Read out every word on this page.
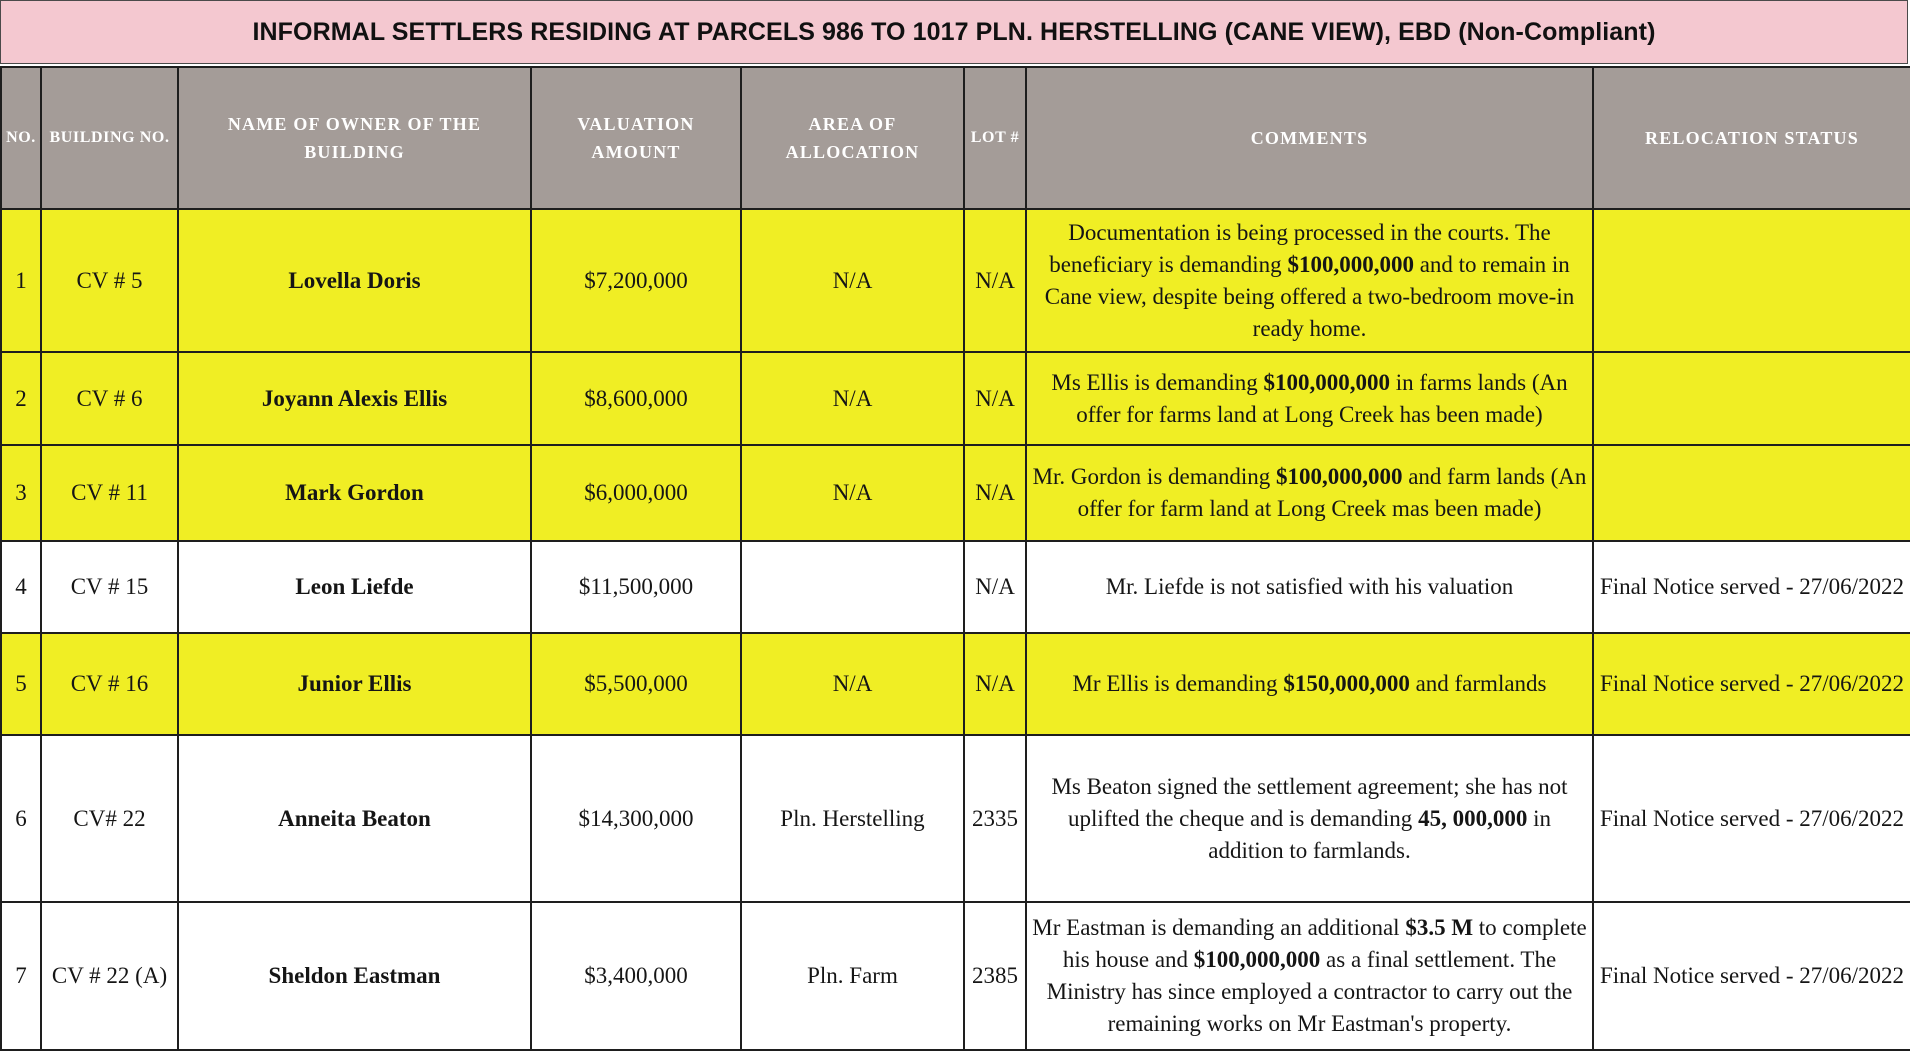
INFORMAL SETTLERS RESIDING AT PARCELS 986 TO 1017 PLN. HERSTELLING (CANE VIEW), EBD (Non-Compliant)
NO.	BUILDING NO.	NAME OF OWNER OF THE BUILDING	VALUATION AMOUNT	AREA OF ALLOCATION	LOT #	COMMENTS	RELOCATION STATUS
1	CV # 5	Lovella Doris	$7,200,000	N/A	N/A	Documentation is being processed in the courts. The beneficiary is demanding $100,000,000 and to remain in Cane view, despite being offered a two-bedroom move-in ready home.	
2	CV # 6	Joyann Alexis Ellis	$8,600,000	N/A	N/A	Ms Ellis is demanding $100,000,000 in farms lands (An offer for farms land at Long Creek has been made)	
3	CV # 11	Mark Gordon	$6,000,000	N/A	N/A	Mr. Gordon is demanding $100,000,000 and farm lands (An offer for farm land at Long Creek mas been made)	
4	CV # 15	Leon Liefde	$11,500,000		N/A	Mr. Liefde is not satisfied with his valuation	Final Notice served - 27/06/2022
5	CV # 16	Junior Ellis	$5,500,000	N/A	N/A	Mr Ellis is demanding $150,000,000 and farmlands	Final Notice served - 27/06/2022
6	CV# 22	Anneita Beaton	$14,300,000	Pln. Herstelling	2335	Ms Beaton signed the settlement agreement; she has not uplifted the cheque and is demanding 45, 000,000 in addition to farmlands.	Final Notice served - 27/06/2022
7	CV # 22 (A)	Sheldon Eastman	$3,400,000	Pln. Farm	2385	Mr Eastman is demanding an additional $3.5 M to complete his house and $100,000,000 as a final settlement. The Ministry has since employed a contractor to carry out the remaining works on Mr Eastman's property.	Final Notice served - 27/06/2022
